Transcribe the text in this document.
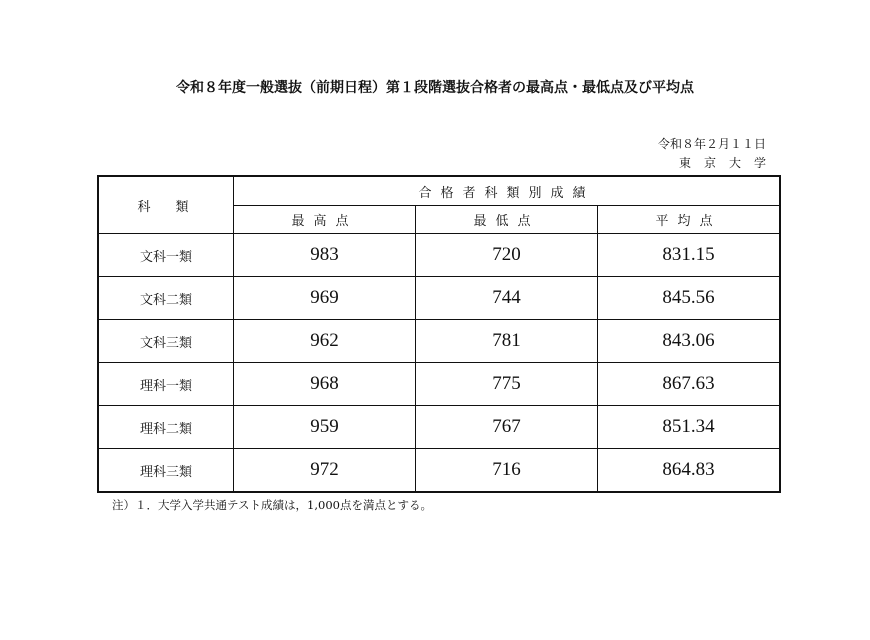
令和８年度一般選抜（前期日程）第１段階選抜合格者の最高点・最低点及び平均点
令和８年２月１１日
東京大学
科　類	合格者科類別成績		
	最高点	最低点	平均点
文科一類	983	720	831.15
文科二類	969	744	845.56
文科三類	962	781	843.06
理科一類	968	775	867.63
理科二類	959	767	851.34
理科三類	972	716	864.83
注）１．大学入学共通テスト成績は，1,000点を満点とする。
